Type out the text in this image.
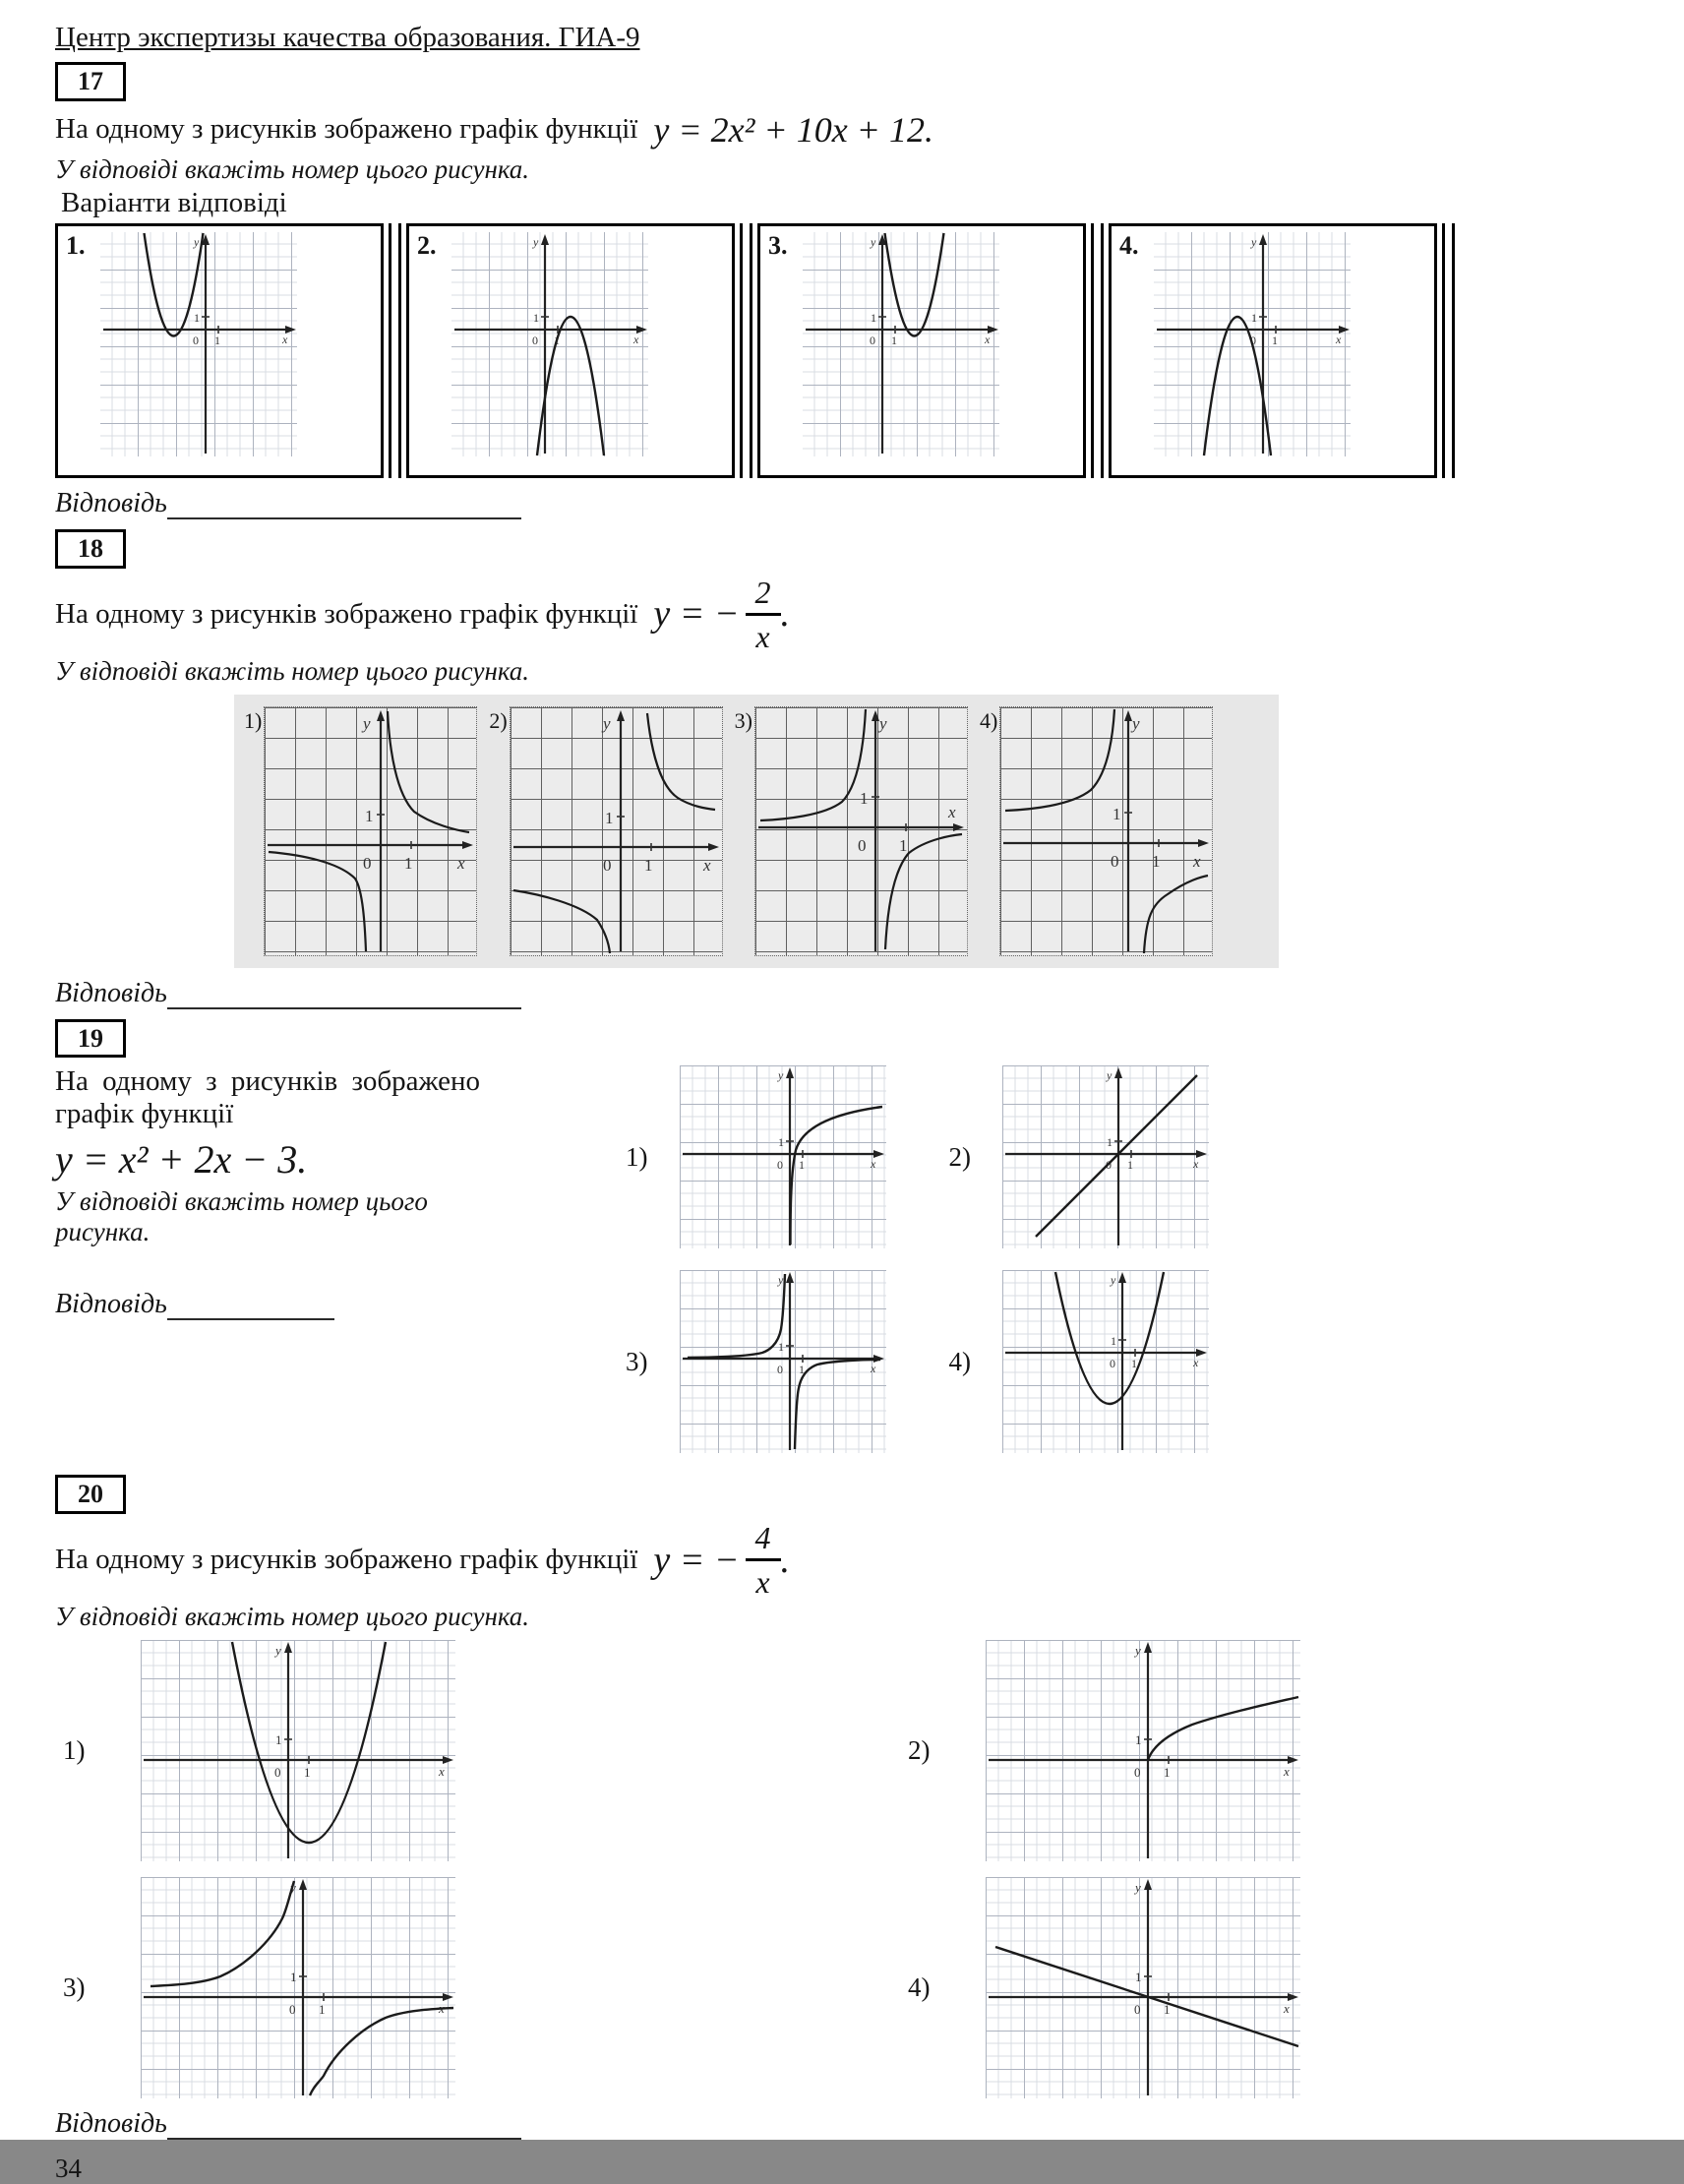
Центр экспертизы качества образования. ГИА-9
17
На одному з рисунків зображено графік функції y = 2x² + 10x + 12.
У відповіді вкажіть номер цього рисунка.
Варіанти відповіді
1.	y
x
1
0 1
2.	y
x
1
0 1
3.	y
x
1
0 1
4.	y
x
1
0 1
Відповідь
18
На одному з рисунків зображено графік функції y = − $\frac{2}{x}$ .
У відповіді вкажіть номер цього рисунка.
1)	y
x
1
0 1
2)	y
x
1
0 1
3)	y
x
1
0 1
4)	y
x
1
0 1
Відповідь
19
На одному з рисунків зображено графік функції
y = x² + 2x − 3.
У відповіді вкажіть номер цього рисунка.
Відповідь
1)
y
x
1
0 1	2)
y
x
1
0 1
3)
y
x
1
0 1	4)
y
x
1
0 1
20
На одному з рисунків зображено графік функції y = − $\frac{4}{x}$ .
У відповіді вкажіть номер цього рисунка.
1)
y
x
1
0 1
2)
y
x
1
0 1
3)
y
x
1
0 1
4)
y
x
1
0 1
Відповідь
34
